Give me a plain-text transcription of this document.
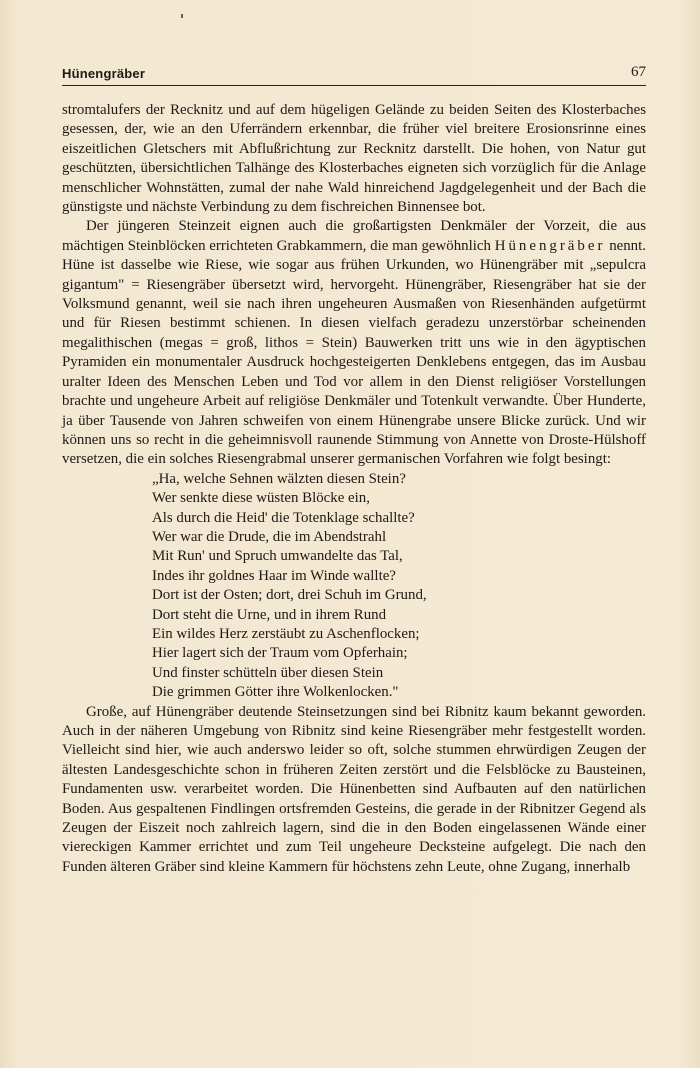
Hünengräber	67

stromtalufers der Recknitz und auf dem hügeligen Gelände zu beiden Seiten des Klosterbaches gesessen, der, wie an den Uferrändern erkennbar, die früher viel breitere Erosionsrinne eines eiszeitlichen Gletschers mit Abflußrichtung zur Recknitz darstellt. Die hohen, von Natur gut geschützten, übersichtlichen Talhänge des Klosterbaches eigneten sich vorzüglich für die Anlage menschlicher Wohnstätten, zumal der nahe Wald hinreichend Jagdgelegenheit und der Bach die günstigste und nächste Verbindung zu dem fischreichen Binnensee bot.

Der jüngeren Steinzeit eignen auch die großartigsten Denkmäler der Vorzeit, die aus mächtigen Steinblöcken errichteten Grabkammern, die man gewöhnlich Hünengräber nennt. Hüne ist dasselbe wie Riese, wie sogar aus frühen Urkunden, wo Hünengräber mit „sepulcra gigantum" = Riesengräber übersetzt wird, hervorgeht. Hünengräber, Riesengräber hat sie der Volksmund genannt, weil sie nach ihren ungeheuren Ausmaßen von Riesenhänden aufgetürmt und für Riesen bestimmt schienen. In diesen vielfach geradezu unzerstörbar scheinenden megalithischen (megas = groß, lithos = Stein) Bauwerken tritt uns wie in den ägyptischen Pyramiden ein monumentaler Ausdruck hochgesteigerten Denklebens entgegen, das im Ausbau uralter Ideen des Menschen Leben und Tod vor allem in den Dienst religiöser Vorstellungen brachte und ungeheure Arbeit auf religiöse Denkmäler und Totenkult verwandte. Über Hunderte, ja über Tausende von Jahren schweifen von einem Hünengrabe unsere Blicke zurück. Und wir können uns so recht in die geheimnisvoll raunende Stimmung von Annette von Droste-Hülshoff versetzen, die ein solches Riesengrabmal unserer germanischen Vorfahren wie folgt besingt:

„Ha, welche Sehnen wälzten diesen Stein?
Wer senkte diese wüsten Blöcke ein,
Als durch die Heid' die Totenklage schallte?
Wer war die Drude, die im Abendstrahl
Mit Run' und Spruch umwandelte das Tal,
Indes ihr goldnes Haar im Winde wallte?
Dort ist der Osten; dort, drei Schuh im Grund,
Dort steht die Urne, und in ihrem Rund
Ein wildes Herz zerstäubt zu Aschenflocken;
Hier lagert sich der Traum vom Opferhain;
Und finster schütteln über diesen Stein
Die grimmen Götter ihre Wolkenlocken."

Große, auf Hünengräber deutende Steinsetzungen sind bei Ribnitz kaum bekannt geworden. Auch in der näheren Umgebung von Ribnitz sind keine Riesengräber mehr festgestellt worden. Vielleicht sind hier, wie auch anderswo leider so oft, solche stummen ehrwürdigen Zeugen der ältesten Landesgeschichte schon in früheren Zeiten zerstört und die Felsblöcke zu Bausteinen, Fundamenten usw. verarbeitet worden. Die Hünenbetten sind Aufbauten auf den natürlichen Boden. Aus gespaltenen Findlingen ortsfremden Gesteins, die gerade in der Ribnitzer Gegend als Zeugen der Eiszeit noch zahlreich lagern, sind die in den Boden eingelassenen Wände einer viereckigen Kammer errichtet und zum Teil ungeheure Decksteine aufgelegt. Die nach den Funden älteren Gräber sind kleine Kammern für höchstens zehn Leute, ohne Zugang, innerhalb
